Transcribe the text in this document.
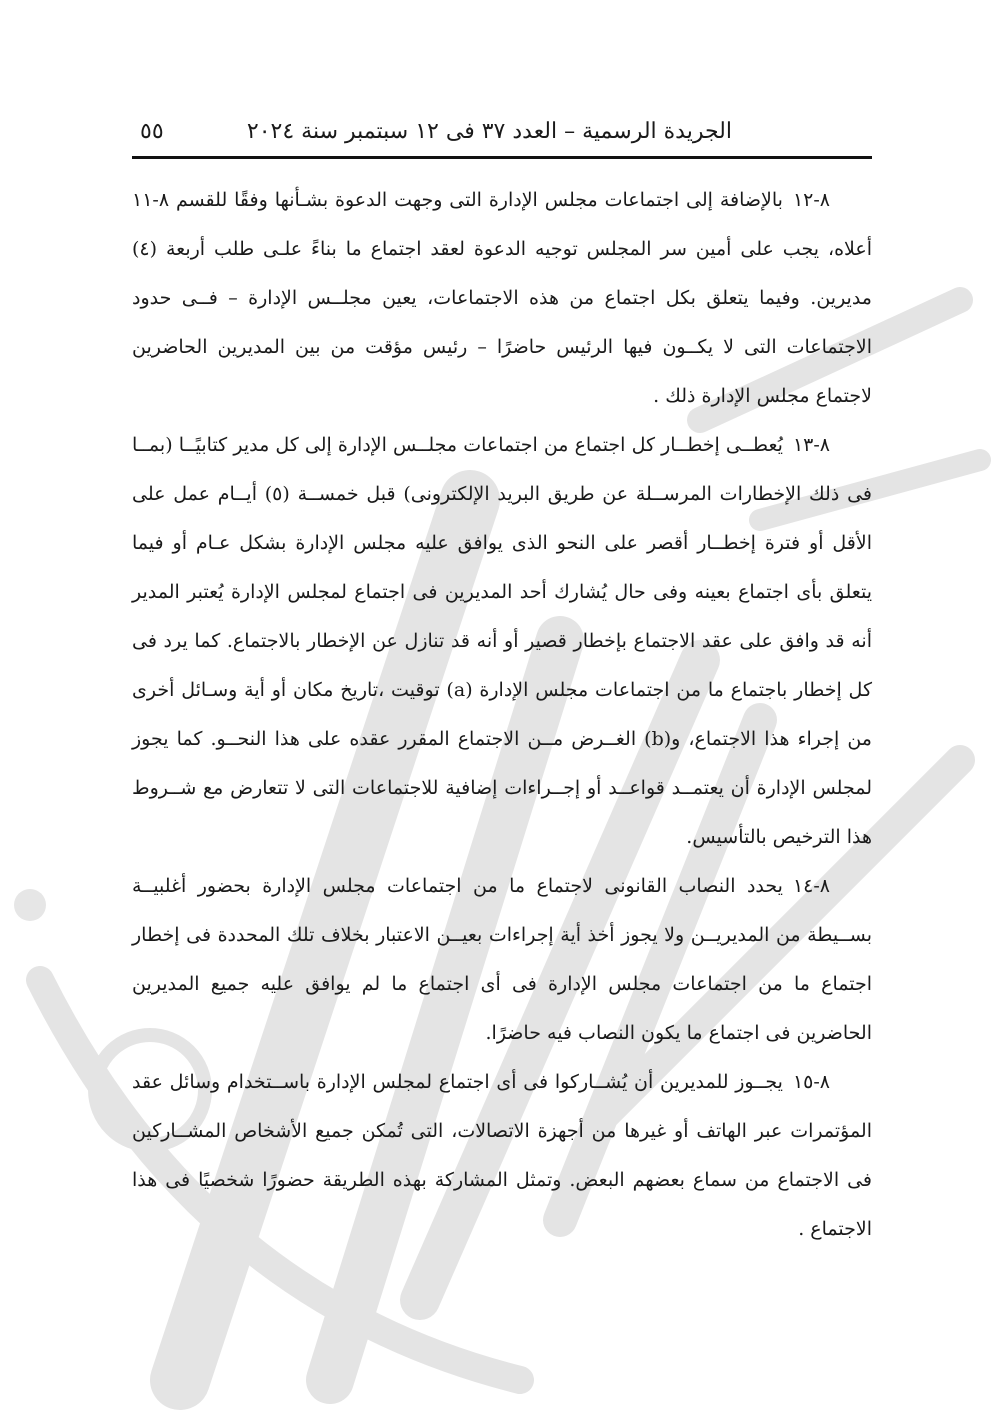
الجريدة الرسمية – العدد ٣٧ فى ١٢ سبتمبر سنة ٢٠٢٤
٥٥

٨-١٢بالإضافة إلى اجتماعات مجلس الإدارة التى وجهت الدعوة بشـأنها وفقًا للقسم ٨-١١ أعلاه، يجب على أمين سر المجلس توجيه الدعوة لعقد اجتماع ما بناءً علـى طلب أربعة (٤) مديرين. وفيما يتعلق بكل اجتماع من هذه الاجتماعات، يعين مجلــس الإدارة – فــى حدود الاجتماعات التى لا يكــون فيها الرئيس حاضرًا – رئيس مؤقت من بين المديرين الحاضرين لاجتماع مجلس الإدارة ذلك .

٨-١٣يُعطــى إخطــار كل اجتماع من اجتماعات مجلــس الإدارة إلى كل مدير كتابيًــا (بمــا فى ذلك الإخطارات المرســلة عن طريق البريد الإلكترونى) قبل خمســة (٥) أيــام عمل على الأقل أو فترة إخطــار أقصر على النحو الذى يوافق عليه مجلس الإدارة بشكل عـام أو فيما يتعلق بأى اجتماع بعينه وفى حال يُشارك أحد المديرين فى اجتماع لمجلس الإدارة يُعتبر المدير أنه قد وافق على عقد الاجتماع بإخطار قصير أو أنه قد تنازل عن الإخطار بالاجتماع. كما يرد فى كل إخطار باجتماع ما من اجتماعات مجلس الإدارة (a) توقيت ،تاريخ مكان أو أية وسـائل أخرى من إجراء هذا الاجتماع، و(b) الغــرض مــن الاجتماع المقرر عقده على هذا النحــو. كما يجوز لمجلس الإدارة أن يعتمــد قواعــد أو إجــراءات إضافية للاجتماعات التى لا تتعارض مع شــروط هذا الترخيص بالتأسيس.

٨-١٤يحدد النصاب القانونى لاجتماع ما من اجتماعات مجلس الإدارة بحضور أغلبيــة بســيطة من المديريــن ولا يجوز أخذ أية إجراءات بعيــن الاعتبار بخلاف تلك المحددة فى إخطار اجتماع ما من اجتماعات مجلس الإدارة فى أى اجتماع ما لم يوافق عليه جميع المديرين الحاضرين فى اجتماع ما يكون النصاب فيه حاضرًا.

٨-١٥يجــوز للمديرين أن يُشــاركوا فى أى اجتماع لمجلس الإدارة باســتخدام وسائل عقد المؤتمرات عبر الهاتف أو غيرها من أجهزة الاتصالات، التى تُمكن جميع الأشخاص المشــاركين فى الاجتماع من سماع بعضهم البعض. وتمثل المشاركة بهذه الطريقة حضورًا شخصيًا فى هذا الاجتماع .
